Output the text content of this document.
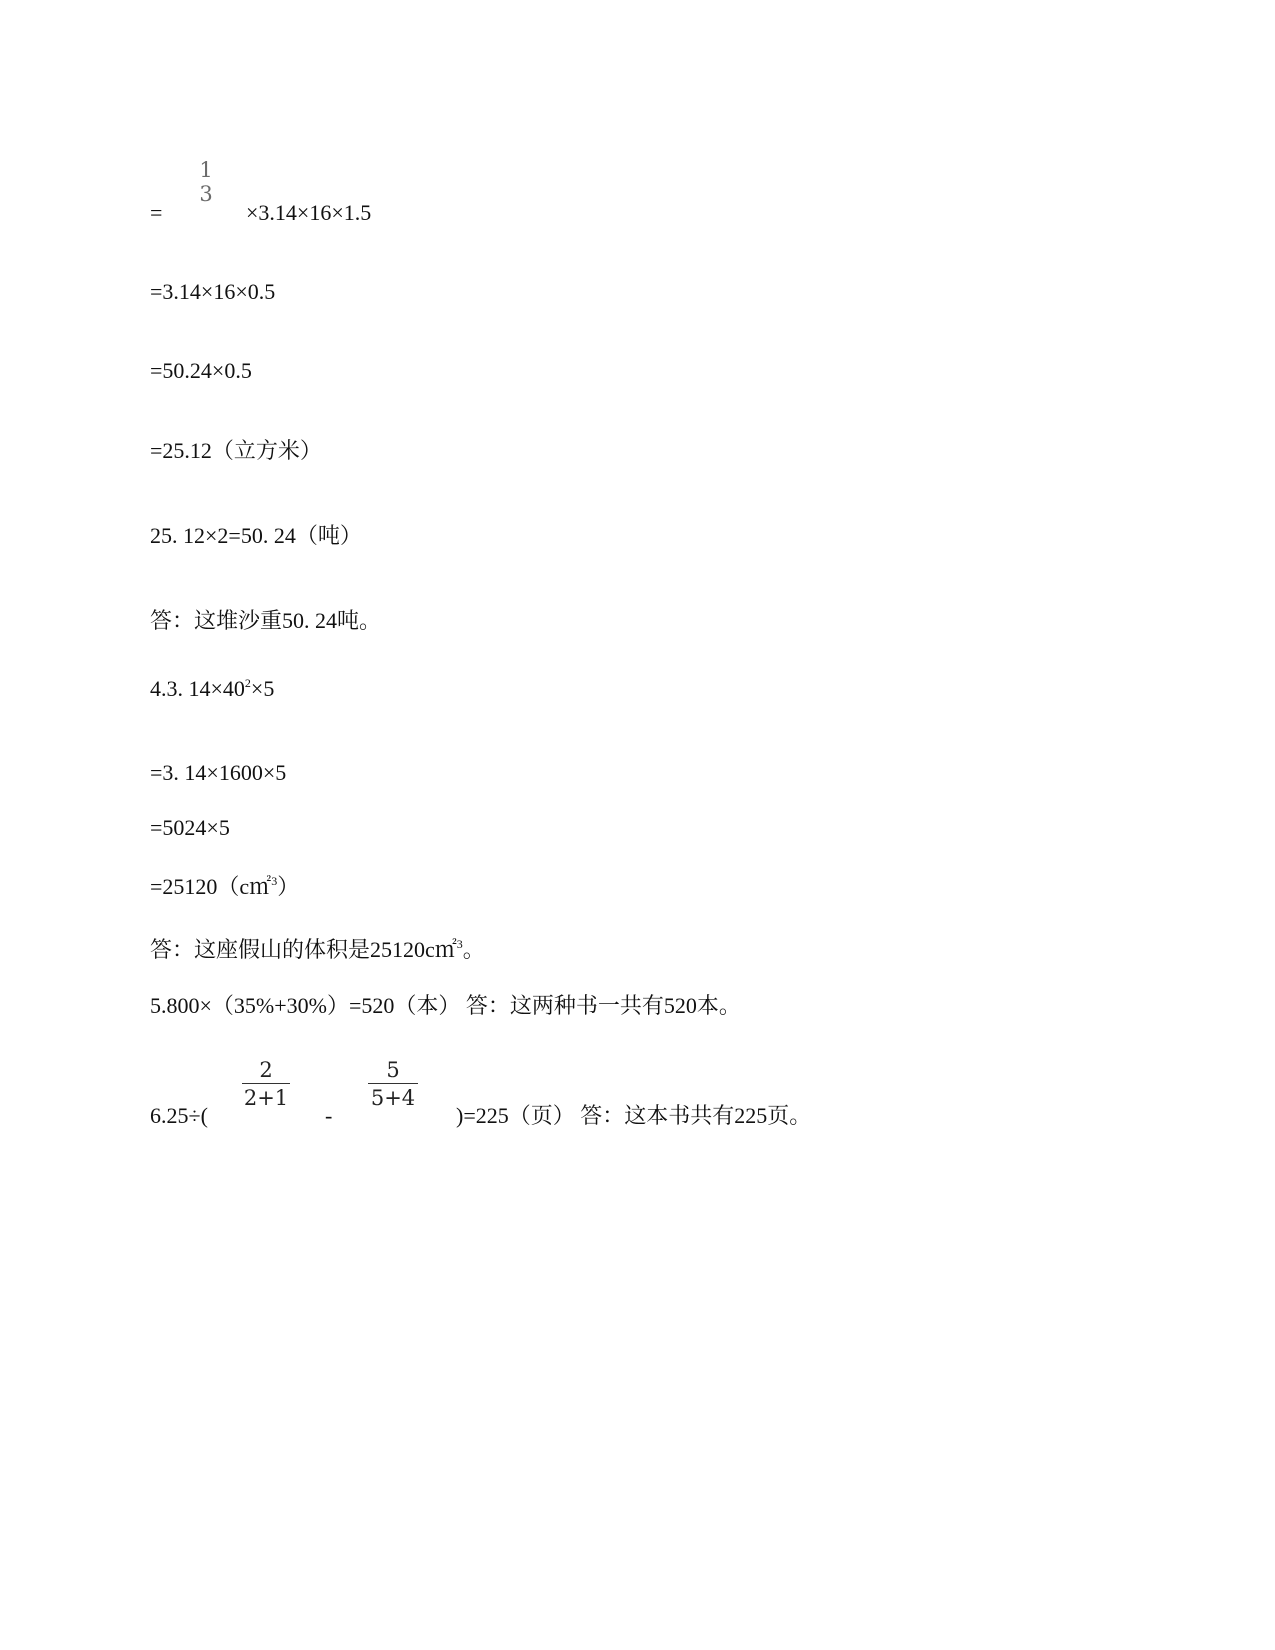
=
1
3
×3.14×16×1.5
=3.14×16×0.5
=50.24×0.5
=25.12（立方米）
25. 12×2=50. 24（吨）
答：这堆沙重50. 24吨。
4.3. $14\times 40^2\times 5$
=3. 14×1600×5
=5024×5
=25120（c㎡$^3$）
答：这座假山的体积是25120c㎡$^3$。
5.800×（35%+30%）=520（本） 答：这两种书一共有520本。
6.25÷(
2
2+1
-
5
5+4
)=225（页） 答：这本书共有225页。
